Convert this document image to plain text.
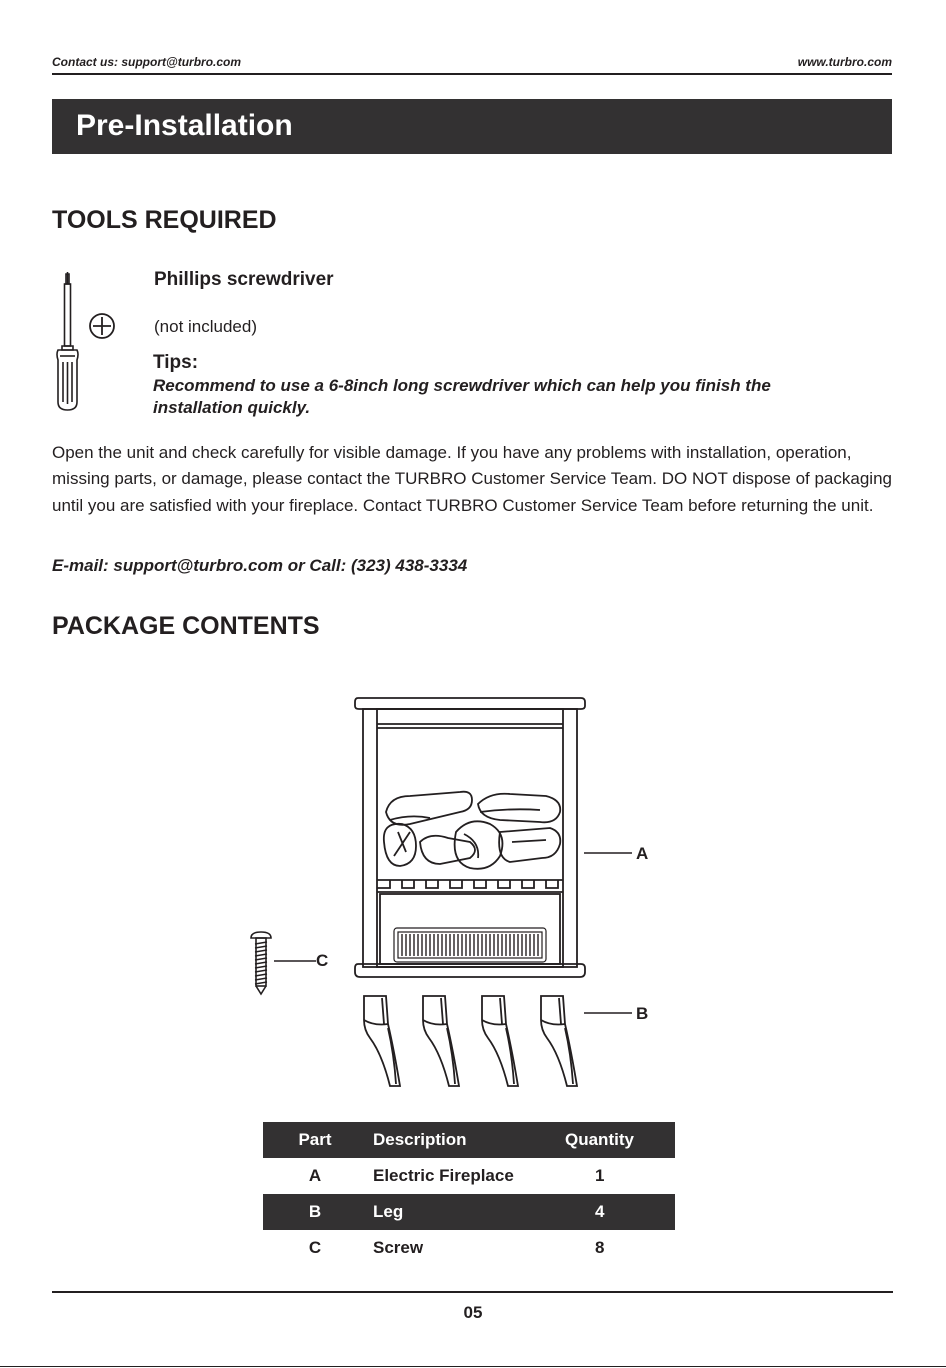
Contact us: support@turbro.com	www.turbro.com
Pre-Installation
TOOLS REQUIRED
Phillips screwdriver
(not included)
Tips:
Recommend to use a 6-8inch long screwdriver which can help you finish the installation quickly.
Open the unit and check carefully for visible damage. If you have any problems with installation, operation, missing parts, or damage, please contact the TURBRO Customer Service Team. DO NOT dispose of packaging until you are satisfied with your fireplace. Contact TURBRO Customer Service Team before returning the unit.
E-mail: support@turbro.com or Call: (323) 438-3334
PACKAGE CONTENTS
A
C
B
Part	Description	Quantity
A	Electric Fireplace	1
B	Leg	4
C	Screw	8
05
